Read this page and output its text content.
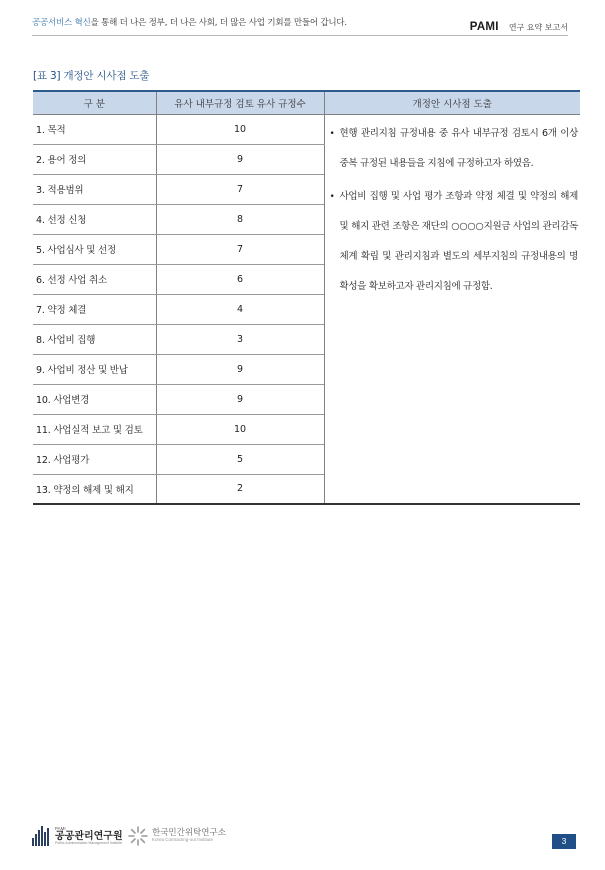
공공서비스 혁신을 통해 더 나은 정부, 더 나은 사회, 더 많은 사업 기회를 만들어 갑니다.	PAMI 연구 요약 보고서
[표 3] 개정안 시사점 도출
구 분	유사 내부규정 검토 유사 규정수	개정안 시사점 도출
1. 목적	10	• 현행 관리지침 규정내용 중 유사 내부규정 검토시 6개 이상 중복 규정된 내용들을 지침에 규정하고자 하였음.
• 사업비 집행 및 사업 평가 조항과 약정 체결 및 약정의 해제 및 해지 관련 조항은 재단의 ○○○○지원금 사업의 관리감독 체계 확립 및 관리지침과 별도의 세부지침의 규정내용의 명확성을 확보하고자 관리지침에 규정함.

2. 용어 정의	9	
3. 적용범위	7	
4. 선정 신청	8	
5. 사업심사 및 선정	7	
6. 선정 사업 취소	6	
7. 약정 체결	4	
8. 사업비 집행	3	
9. 사업비 정산 및 반납	9	
10. 사업변경	9	
11. 사업실적 보고 및 검토	10	
12. 사업평가	5	
13. 약정의 해제 및 해지	2	
PAMI
공공관리연구원
Public Administration Management Institute
한국민간위탁연구소
Korea Contracting-out Institute	3
